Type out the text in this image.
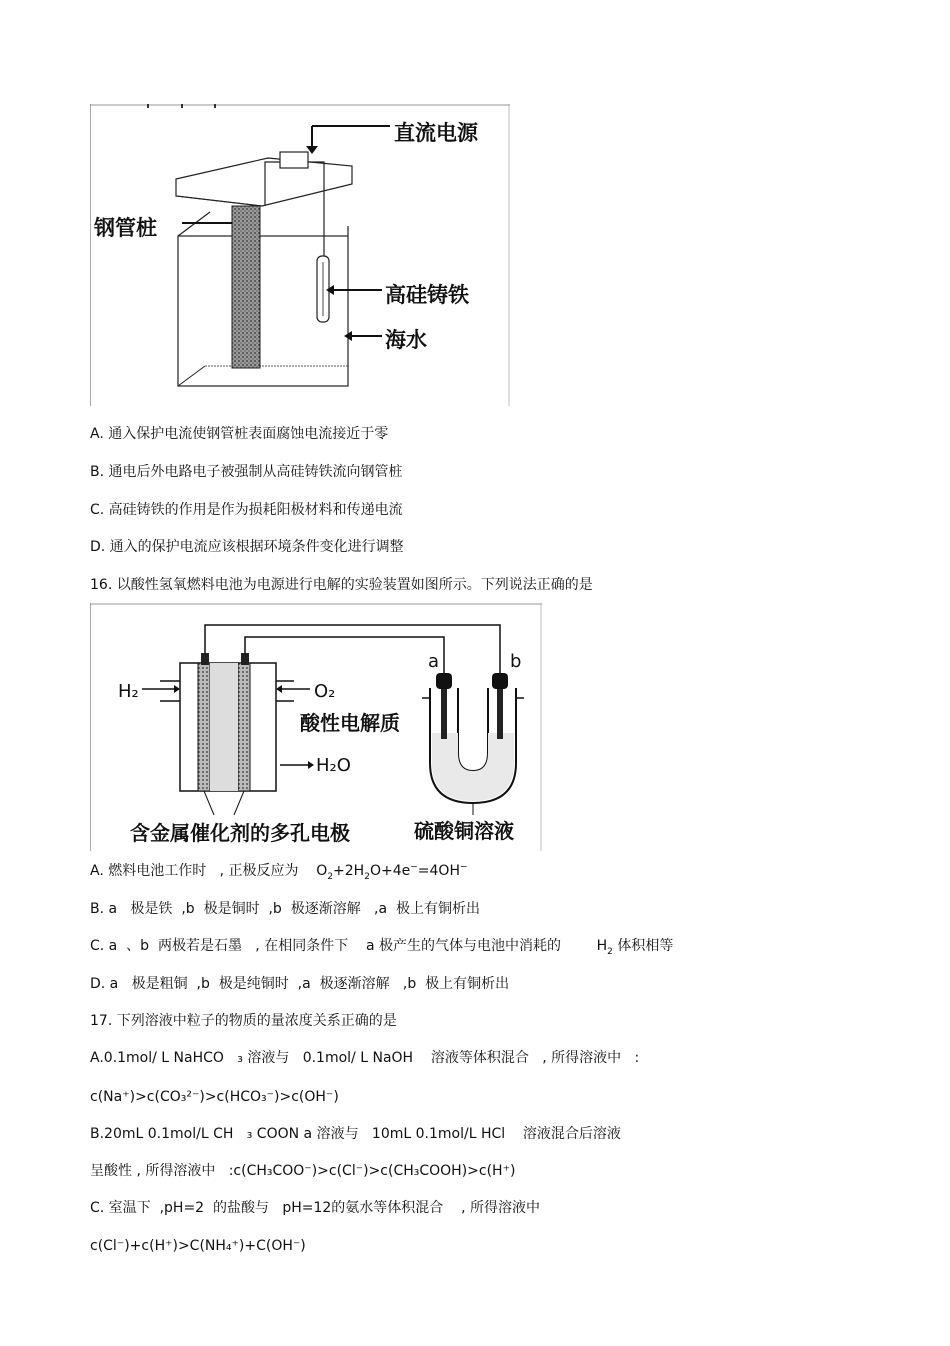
直流电源
钢管桩
高硅铸铁
海水
A. 通入保护电流使钢管桩表面腐蚀电流接近于零
B. 通电后外电路电子被强制从高硅铸铁流向钢管桩
C. 高硅铸铁的作用是作为损耗阳极材料和传递电流
D. 通入的保护电流应该根据环境条件变化进行调整
16. 以酸性氢氧燃料电池为电源进行电解的实验装置如图所示。下列说法正确的是
H₂	O₂
酸性电解质
H₂O
含金属催化剂的多孔电极	硫酸铜溶液
a	b
A. 燃料电池工作时   , 正极反应为    $O_2+2H_2O+4e^-=4OH^-$
B. a   极是铁  ,b  极是铜时  ,b  极逐渐溶解   ,a  极上有铜析出
C. a  、b  两极若是石墨   , 在相同条件下    a 极产生的气体与电池中消耗的        $H_2$ 体积相等
D. a   极是粗铜  ,b  极是纯铜时  ,a  极逐渐溶解   ,b  极上有铜析出
17. 下列溶液中粒子的物质的量浓度关系正确的是
A.0.1mol/ L NaHCO   ₃ 溶液与   0.1mol/ L NaOH    溶液等体积混合   , 所得溶液中   :
c(Na⁺)>c(CO₃²⁻)>c(HCO₃⁻)>c(OH⁻)
B.20mL 0.1mol/L CH   ₃ COON a 溶液与   10mL 0.1mol/L HCl    溶液混合后溶液
呈酸性 , 所得溶液中   :c(CH₃COO⁻)>c(Cl⁻)>c(CH₃COOH)>c(H⁺)
C. 室温下  ,pH=2  的盐酸与   pH=12的氨水等体积混合    , 所得溶液中
c(Cl⁻)+c(H⁺)>C(NH₄⁺)+C(OH⁻)
